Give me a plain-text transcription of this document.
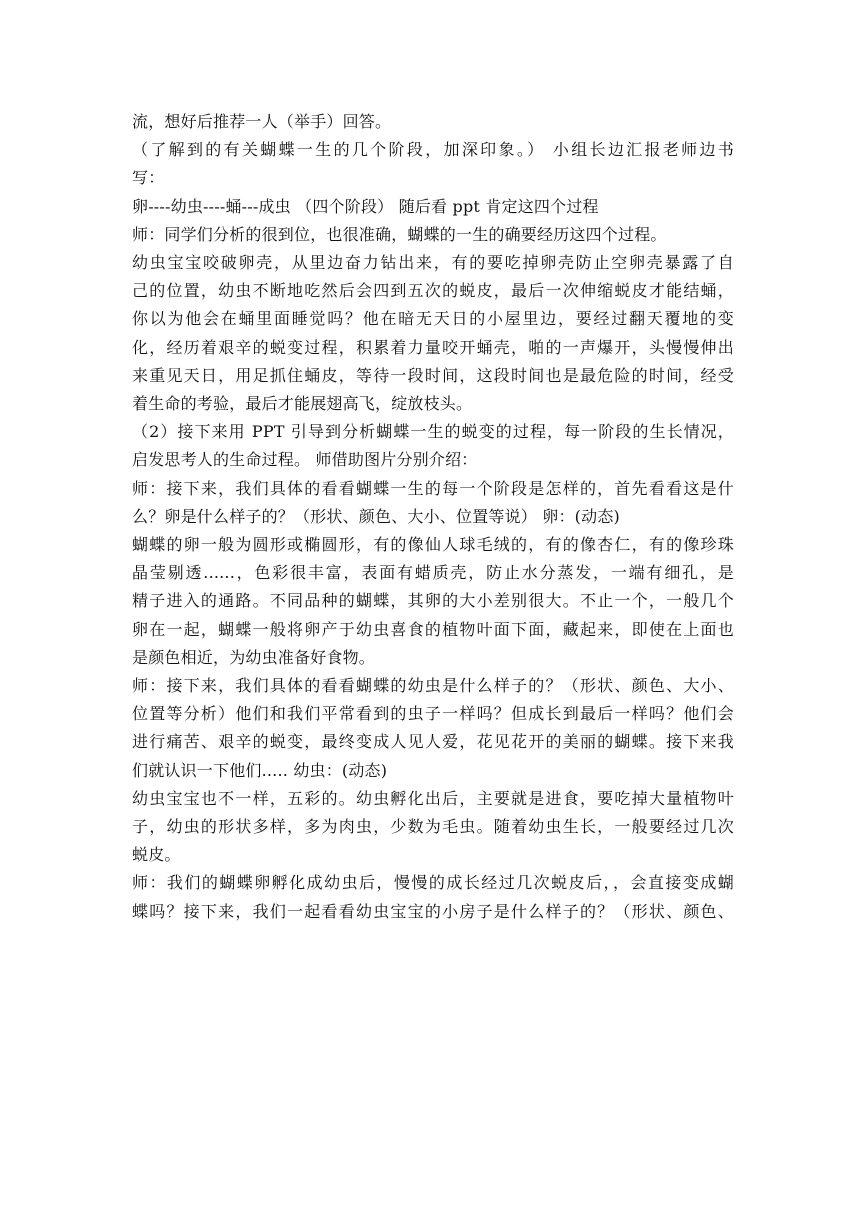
流，想好后推荐一人（举手）回答。
（了解到的有关蝴蝶一生的几个阶段，加深印象。） 小组长边汇报老师边书
写：
卵----幼虫----蛹---成虫 （四个阶段） 随后看 ppt 肯定这四个过程
师：同学们分析的很到位，也很准确，蝴蝶的一生的确要经历这四个过程。
幼虫宝宝咬破卵壳，从里边奋力钻出来，有的要吃掉卵壳防止空卵壳暴露了自
己的位置，幼虫不断地吃然后会四到五次的蜕皮，最后一次伸缩蜕皮才能结蛹，
你以为他会在蛹里面睡觉吗？他在暗无天日的小屋里边，要经过翻天覆地的变
化，经历着艰辛的蜕变过程，积累着力量咬开蛹壳，啪的一声爆开，头慢慢伸出
来重见天日，用足抓住蛹皮，等待一段时间，这段时间也是最危险的时间，经受
着生命的考验，最后才能展翅高飞，绽放枝头。
（2）接下来用 PPT 引导到分析蝴蝶一生的蜕变的过程，每一阶段的生长情况，
启发思考人的生命过程。 师借助图片分别介绍：
师：接下来，我们具体的看看蝴蝶一生的每一个阶段是怎样的，首先看看这是什
么？卵是什么样子的？（形状、颜色、大小、位置等说） 卵：(动态)
蝴蝶的卵一般为圆形或椭圆形，有的像仙人球毛绒的，有的像杏仁，有的像珍珠
晶莹剔透......，色彩很丰富，表面有蜡质壳，防止水分蒸发，一端有细孔，是
精子进入的通路。不同品种的蝴蝶，其卵的大小差别很大。不止一个，一般几个
卵在一起，蝴蝶一般将卵产于幼虫喜食的植物叶面下面，藏起来，即使在上面也
是颜色相近，为幼虫准备好食物。
师：接下来，我们具体的看看蝴蝶的幼虫是什么样子的？（形状、颜色、大小、
位置等分析）他们和我们平常看到的虫子一样吗？但成长到最后一样吗？他们会
进行痛苦、艰辛的蜕变，最终变成人见人爱，花见花开的美丽的蝴蝶。接下来我
们就认识一下他们..... 幼虫：(动态)
幼虫宝宝也不一样，五彩的。幼虫孵化出后，主要就是进食，要吃掉大量植物叶
子，幼虫的形状多样，多为肉虫，少数为毛虫。随着幼虫生长，一般要经过几次
蜕皮。
师：我们的蝴蝶卵孵化成幼虫后，慢慢的成长经过几次蜕皮后，，会直接变成蝴
蝶吗？接下来，我们一起看看幼虫宝宝的小房子是什么样子的？（形状、颜色、
